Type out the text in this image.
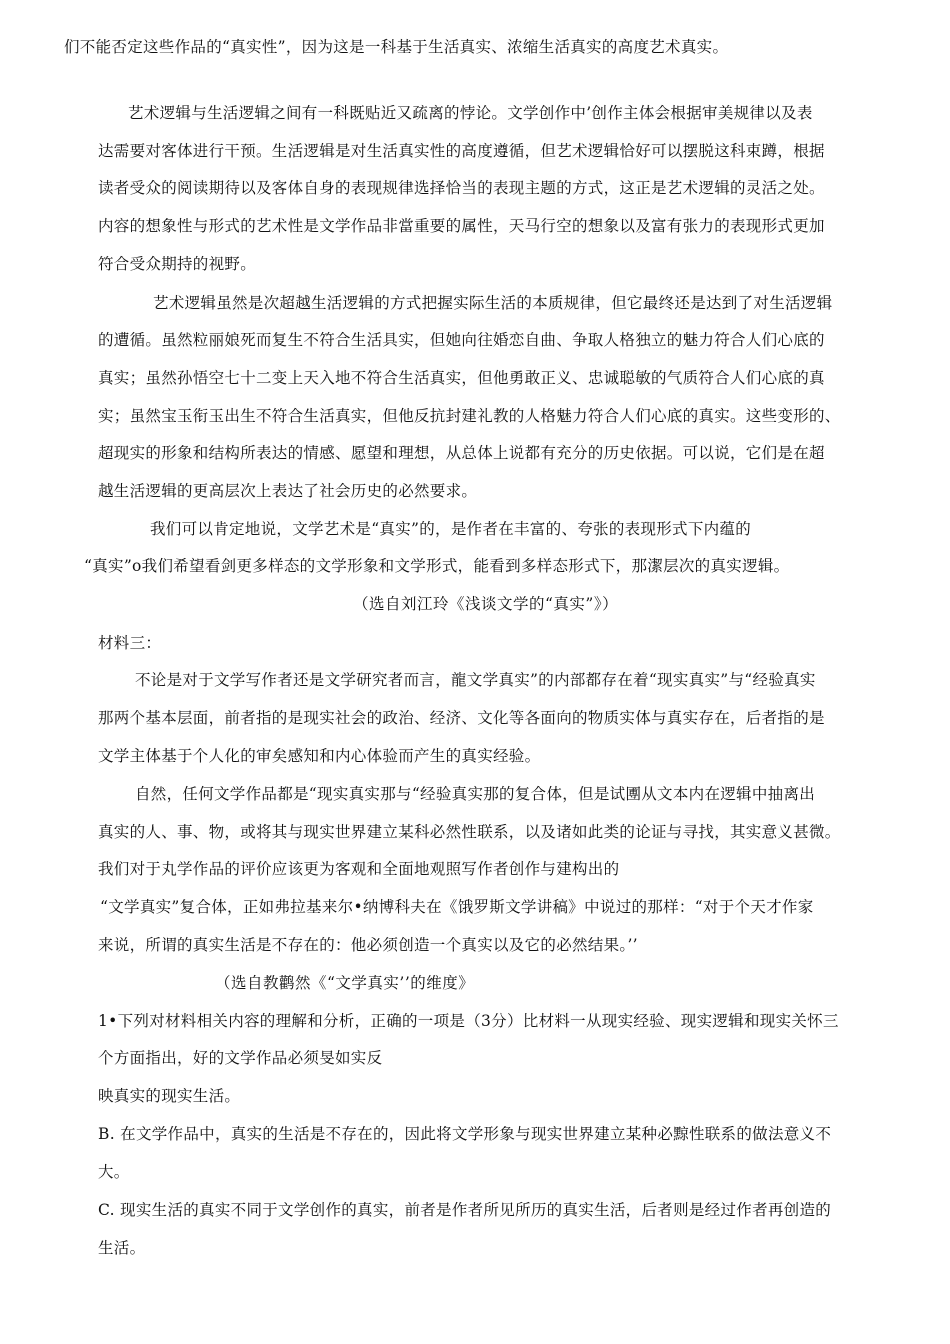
们不能否定这些作品的“真实性”，因为这是一科基于生活真实、浓缩生活真实的高度艺术真实。

艺术逻辑与生活逻辑之间有一科既贴近又疏离的悖论。文学创作中’创作主体会根据审美规律以及表

达需要对客体进行干预。生活逻辑是对生活真实性的高度遵循，但艺术逻辑恰好可以摆脱这科束蹲，根据

读者受众的阅读期待以及客体自身的表现规律选择恰当的表现主题的方式，这正是艺术逻辑的灵活之处。

内容的想象性与形式的艺术性是文学作品非當重要的属性，天马行空的想象以及富有张力的表现形式更加

符合受众期持的视野。

艺术逻辑虽然是次超越生活逻辑的方式把握实际生活的本质规律，但它最终还是达到了对生活逻辑

的遭循。虽然粒丽娘死而复生不符合生活具实，但她向往婚恋自曲、争取人格独立的魅力符合人们心底的

真实；虽然孙悟空七十二变上天入地不符合生活真实，但他勇敢正义、忠诚聪敏的气质符合人们心底的真

实；虽然宝玉衔玉出生不符合生活真实，但他反抗封建礼教的人格魅力符合人们心底的真实。这些变形的、

超现实的形象和结构所表达的情感、愿望和理想，从总体上说都有充分的历史依据。可以说，它们是在超

越生活逻辑的更高层次上表达了社会历史的必然要求。

我们可以肯定地说，文学艺术是“真实”的，是作者在丰富的、夸张的表现形式下内蕴的

“真实”o我们希望看剑更多样态的文学形象和文学形式，能看到多样态形式下，那潔层次的真实逻辑。

（选自刘江玲《浅谈文学的“真实”》）

材料三：

不论是对于文学写作者还是文学研究者而言，龍文学真实”的内部都存在着“现实真实”与“经验真实

那两个基本层面，前者指的是现实社会的政治、经济、文化等各面向的物质实体与真实存在，后者指的是

文学主体基于个人化的审矣感知和内心体验而产生的真实经验。

自然，任何文学作品都是“现实真实那与“经验真实那的复合体，但是试圑从文本内在逻辑中抽离出

真实的人、事、物，或将其与现实世界建立某科必然性联系，以及诸如此类的论证与寻找，其实意义甚微。

我们对于丸学作品的评价应该更为客观和全面地观照写作者创作与建构出的

“文学真实”复合体，正如弗拉基来尔•纳博科夫在《饿罗斯文学讲稿》中说过的那样：“对于个天才作家

来说，所谓的真实生活是不存在的：他必须创造一个真实以及它的必然结果。’’

（选自教鹳然《“文学真实’’的维度》

1•下列对材料相关内容的理解和分析，正确的一项是（3分）比材料一从现实经验、现实逻辑和现实关怀三

个方面指出，好的文学作品必须旻如实反

映真实的现实生活。

B. 在文学作品中，真实的生活是不存在的，因此将文学形象与现实世界建立某种必黥性联系的做法意义不

大。

C. 现实生活的真实不同于文学创作的真实，前者是作者所见所历的真实生活，后者则是经过作者再创造的

生活。
